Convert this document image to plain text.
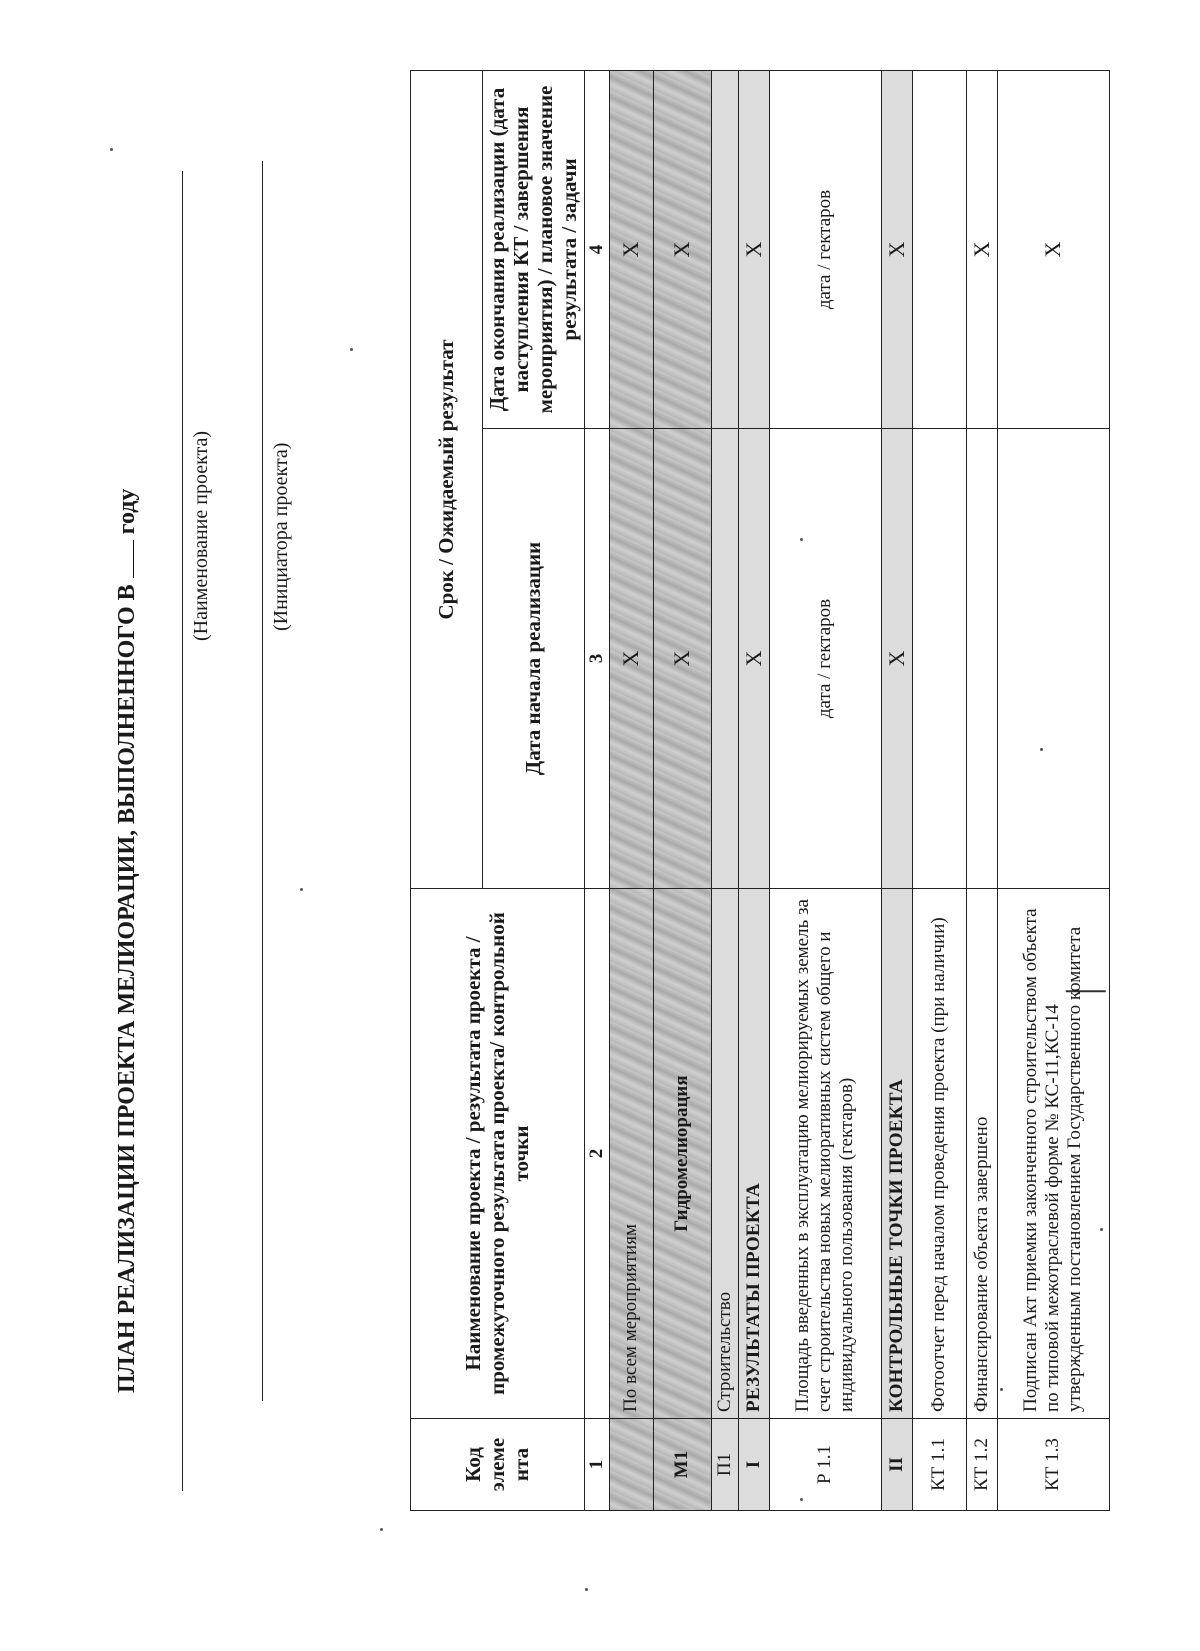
ПЛАН РЕАЛИЗАЦИИ ПРОЕКТА МЕЛИОРАЦИИ, ВЫПОЛНЕННОГО Вгоду	(Наименование проекта)	(Инициатора проекта)
Код элеме нта	Наименование проекта / результата проекта /промежуточного результата проекта/ контрольной точки	Срок / Ожидаемый результат	
		Дата начала реализации	Дата окончания реализации (дата наступления КТ / завершения мероприятия) / плановое значение результата / задачи
1	2	3	4
	По всем мероприятиям	X	X
M1	Гидромелиорация	X	X
П1	Строительство		
I	РЕЗУЛЬТАТЫ ПРОЕКТА	X	X
Р 1.1	Площадь введенных в эксплуатацию мелиорируемых земель за счет строительства новых мелиоративных систем общего и индивидуального пользования (гектаров)	дата / гектаров	дата / гектаров
II	КОНТРОЛЬНЫЕ ТОЧКИ ПРОЕКТА	X	X
КТ 1.1	Фотоотчет перед началом проведения проекта (при наличии)		
КТ 1.2	Финансирование объекта завершено		X
КТ 1.3	Подписан Акт приемки законченного строительством объекта по типовой межотраслевой форме № КС-11,КС-14 утвержденным постановлением Государственного комитета		X
